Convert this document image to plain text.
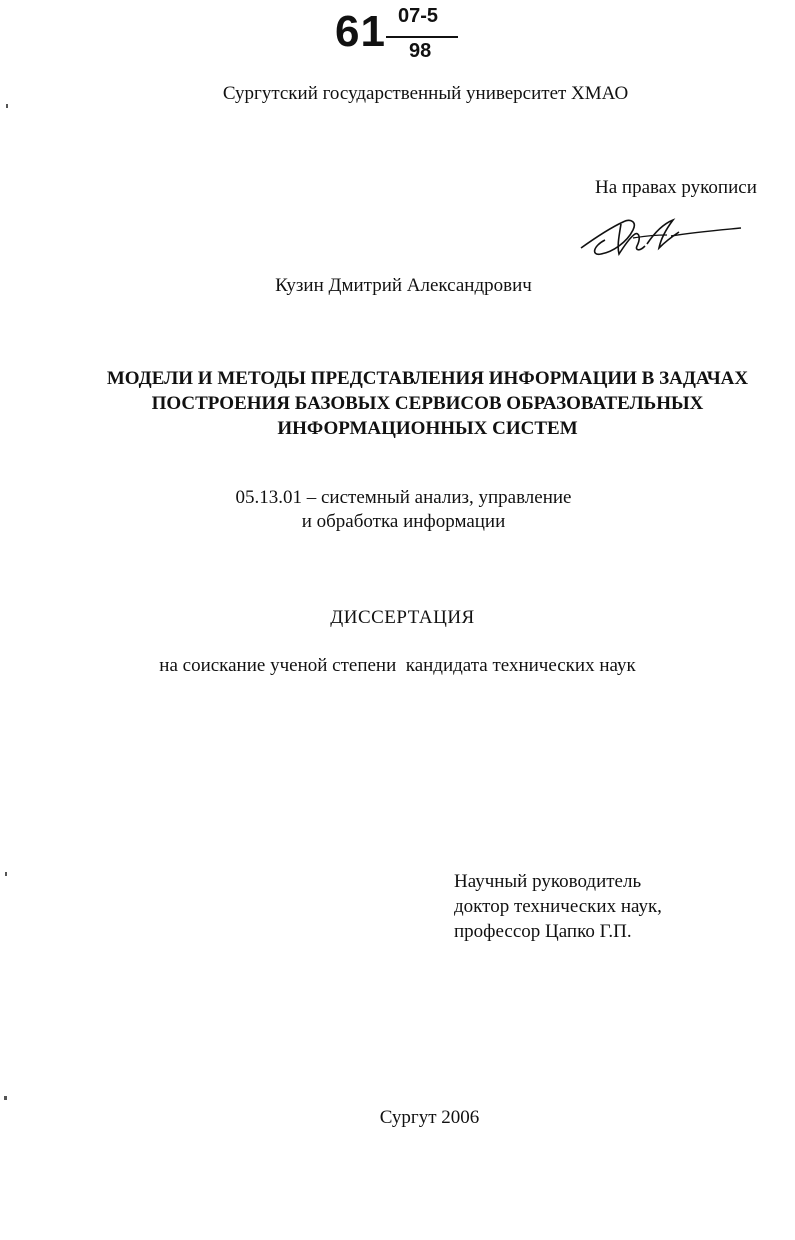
61 07-5
98
Сургутский государственный университет ХМАО
На правах рукописи
Кузин Дмитрий Александрович
МОДЕЛИ И МЕТОДЫ ПРЕДСТАВЛЕНИЯ ИНФОРМАЦИИ В ЗАДАЧАХ
ПОСТРОЕНИЯ БАЗОВЫХ СЕРВИСОВ ОБРАЗОВАТЕЛЬНЫХ
ИНФОРМАЦИОННЫХ СИСТЕМ
05.13.01 – системный анализ, управление
и обработка информации
ДИССЕРТАЦИЯ
на соискание ученой степени  кандидата технических наук
Научный руководитель
доктор технических наук,
профессор Цапко Г.П.
Сургут 2006
